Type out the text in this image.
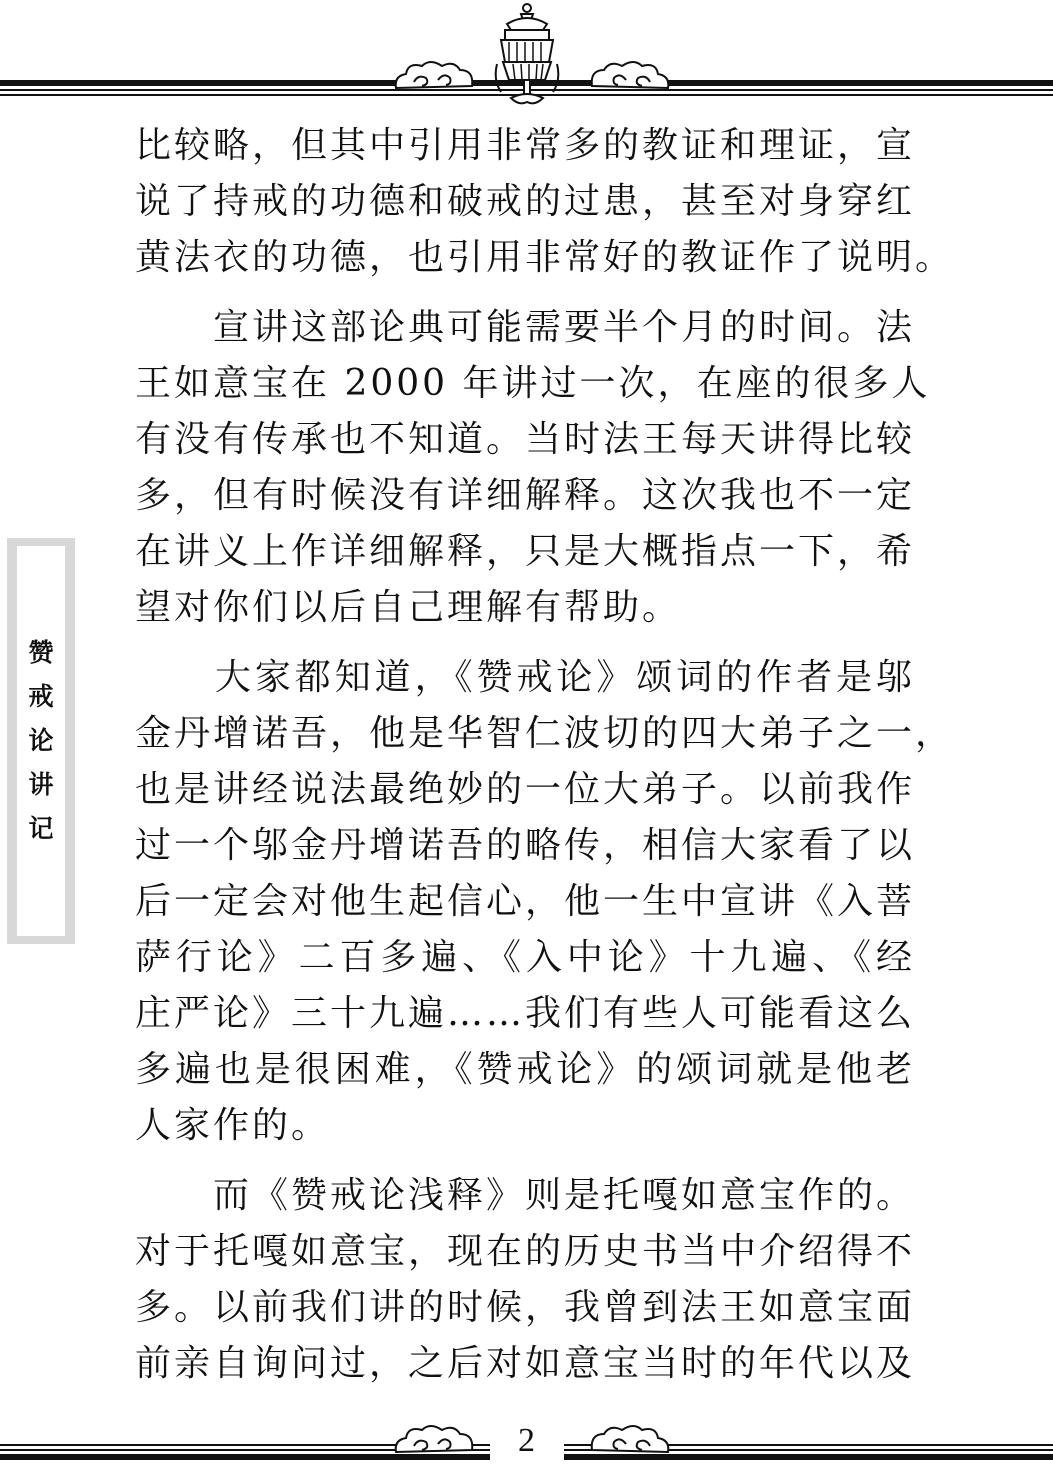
赞
戒
论
讲
记

比较略，但其中引用非常多的教证和理证，宣
说了持戒的功德和破戒的过患，甚至对身穿红
黄法衣的功德，也引用非常好的教证作了说明。

　　宣讲这部论典可能需要半个月的时间。法
王如意宝在 2000 年讲过一次，在座的很多人
有没有传承也不知道。当时法王每天讲得比较
多，但有时候没有详细解释。这次我也不一定
在讲义上作详细解释，只是大概指点一下，希
望对你们以后自己理解有帮助。

　　大家都知道，《赞戒论》颂词的作者是邬
金丹增诺吾，他是华智仁波切的四大弟子之一，
也是讲经说法最绝妙的一位大弟子。以前我作
过一个邬金丹增诺吾的略传，相信大家看了以
后一定会对他生起信心，他一生中宣讲《入菩
萨行论》二百多遍、《入中论》十九遍、《经
庄严论》三十九遍……我们有些人可能看这么
多遍也是很困难，《赞戒论》的颂词就是他老
人家作的。

　　而《赞戒论浅释》则是托嘎如意宝作的。
对于托嘎如意宝，现在的历史书当中介绍得不
多。以前我们讲的时候，我曾到法王如意宝面
前亲自询问过，之后对如意宝当时的年代以及

2
